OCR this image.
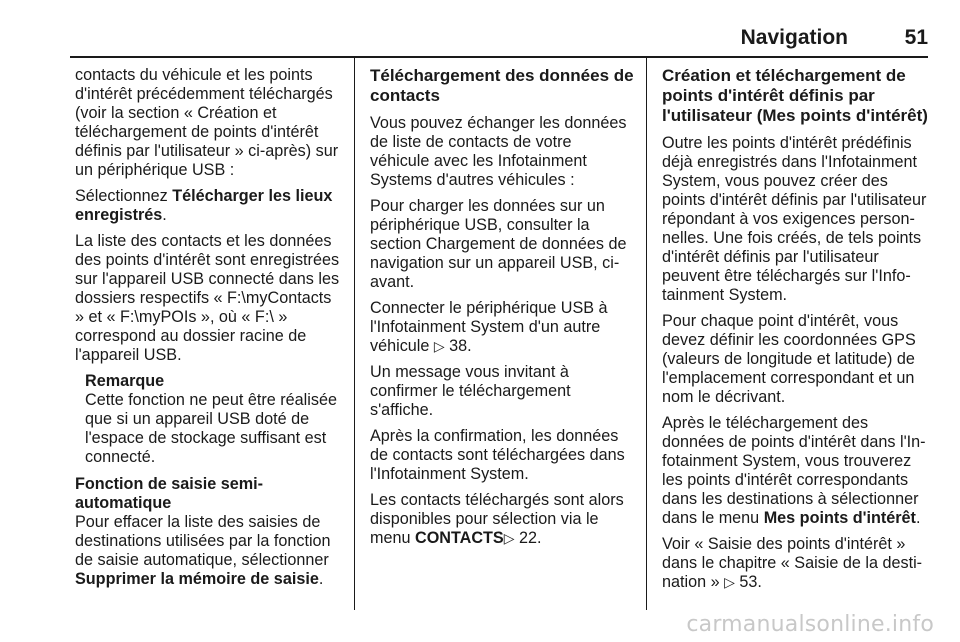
Navigation	51

contacts du véhicule et les points d'intérêt précédemment téléchargés (voir la section « Création et téléchargement de points d'intérêt définis par l'utilisateur » ci-après) sur un périphérique USB :

Sélectionnez Télécharger les lieux enregistrés.

La liste des contacts et les données des points d'intérêt sont enregistrées sur l'appareil USB connecté dans les dossiers respectifs « F:\myContacts » et « F:\myPOIs », où « F:\ » correspond au dossier racine de l'appareil USB.

Remarque
Cette fonction ne peut être réalisée que si un appareil USB doté de l'espace de stockage suffisant est connecté.

Fonction de saisie semi-automatique

Pour effacer la liste des saisies de destinations utilisées par la fonction de saisie automatique, sélectionner Supprimer la mémoire de saisie.

Téléchargement des données de contacts

Vous pouvez échanger les données de liste de contacts de votre véhicule avec les Infotainment Systems d'autres véhicules :

Pour charger les données sur un périphérique USB, consulter la section Chargement de données de navigation sur un appareil USB, ci-avant.

Connecter le périphérique USB à l'Infotainment System d'un autre véhicule ▷ 38.

Un message vous invitant à confirmer le téléchargement s'affiche.

Après la confirmation, les données de contacts sont téléchargées dans l'Infotainment System.

Les contacts téléchargés sont alors disponibles pour sélection via le menu CONTACTS▷ 22.

Création et téléchargement de points d'intérêt définis par l'utilisateur (Mes points d'intérêt)

Outre les points d'intérêt prédéfinis déjà enregistrés dans l'Infotainment System, vous pouvez créer des points d'intérêt définis par l'utilisateur répondant à vos exigences personnelles. Une fois créés, de tels points d'intérêt définis par l'utilisateur peuvent être téléchargés sur l'Infotainment System.

Pour chaque point d'intérêt, vous devez définir les coordonnées GPS (valeurs de longitude et latitude) de l'emplacement correspondant et un nom le décrivant.

Après le téléchargement des données de points d'intérêt dans l'Infotainment System, vous trouverez les points d'intérêt correspondants dans les destinations à sélectionner dans le menu Mes points d'intérêt.

Voir « Saisie des points d'intérêt » dans le chapitre « Saisie de la destination » ▷ 53.

carmanualsonline.info
